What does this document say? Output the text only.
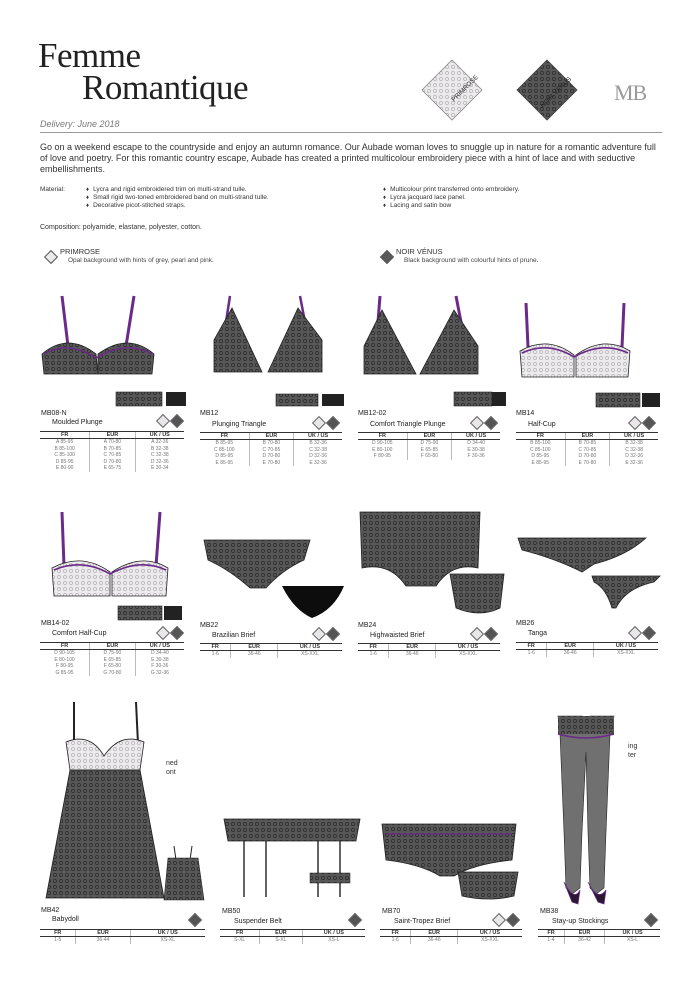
Femme
Romantique
Delivery: June 2018
PRIMROSE	NOIR VÉNUS MB
Go on a weekend escape to the countryside and enjoy an autumn romance. Our Aubade woman loves to snuggle up in nature for a romantic adventure full of love and poetry. For this romantic country escape, Aubade has created a printed multicolour embroidery piece with a hint of lace and with seductive embellishments.
Material:	♦ Lycra and rigid embroidered trim on multi-strand tulle.
♦ Small rigid two-toned embroidered band on multi-strand tulle.
♦ Decorative picot-stitched straps.
♦ Multicolour print transferred onto embroidery.
♦ Lycra jacquard lace panel.
♦ Lacing and satin bow
Composition: polyamide, elastane, polyester, cotton.
PRIMROSE
Opal background with hints of grey, pearl and pink.
NOIR VÉNUS
Black background with colourful hints of prune.
MB08-N
Moulded Plunge
FR	EUR	UK / US
A 85-95	A 70-80	A 32-36
B 85-100	B 70-85	B 32-38
C 85-100	C 70-85	C 32-38
D 85-95	D 70-80	D 32-36
E 80-90	E 65-75	E 30-34
MB12
Plunging Triangle
FR	EUR	UK / US
B 85-95	B 70-80	B 32-36
C 85-100	C 70-85	C 32-38
D 85-95	D 70-80	D 32-36
E 85-95	E 70-80	E 32-36
MB12-02
Comfort Triangle Plunge
FR	EUR	UK / US
D 90-105	D 75-90	D 34-40
E 80-100	E 65-85	E 30-38
F 80-95	F 65-80	F 30-36
MB14
Half-Cup
FR	EUR	UK / US
B 85-100	B 70-85	B 32-38
C 85-100	C 70-85	C 32-38
D 85-95	D 70-80	D 32-36
E 85-95	E 70-80	E 32-36
MB14-02
Comfort Half-Cup
FR	EUR	UK / US
D 90-105	D 75-90	D 34-40
E 80-100	E 65-85	E 30-38
F 80-95	F 65-80	F 30-36
G 85-95	G 70-80	G 32-36
MB22
Brazilian Brief
FR	EUR	UK / US
1-6	36-46	XS-XXL
MB24
Highwaisted Brief
FR	EUR	UK / US
1-6	36-46	XS-XXL
MB26
Tanga
FR	EUR	UK / US
1-6	36-46	XS-XXL
ned
ont
ing
ter
MB42
Babydoll
FR	EUR	UK / US
1-5	36-44	XS-XL
MB50
Suspender Belt
FR	EUR	UK / US
S-XL	S-XL	XS-L
MB70
Saint-Tropez Brief
FR	EUR	UK / US
1-6	36-46	XS-XXL
MB38
Stay-up Stockings
FR	EUR	UK / US
1-4	36-42	XS-L
